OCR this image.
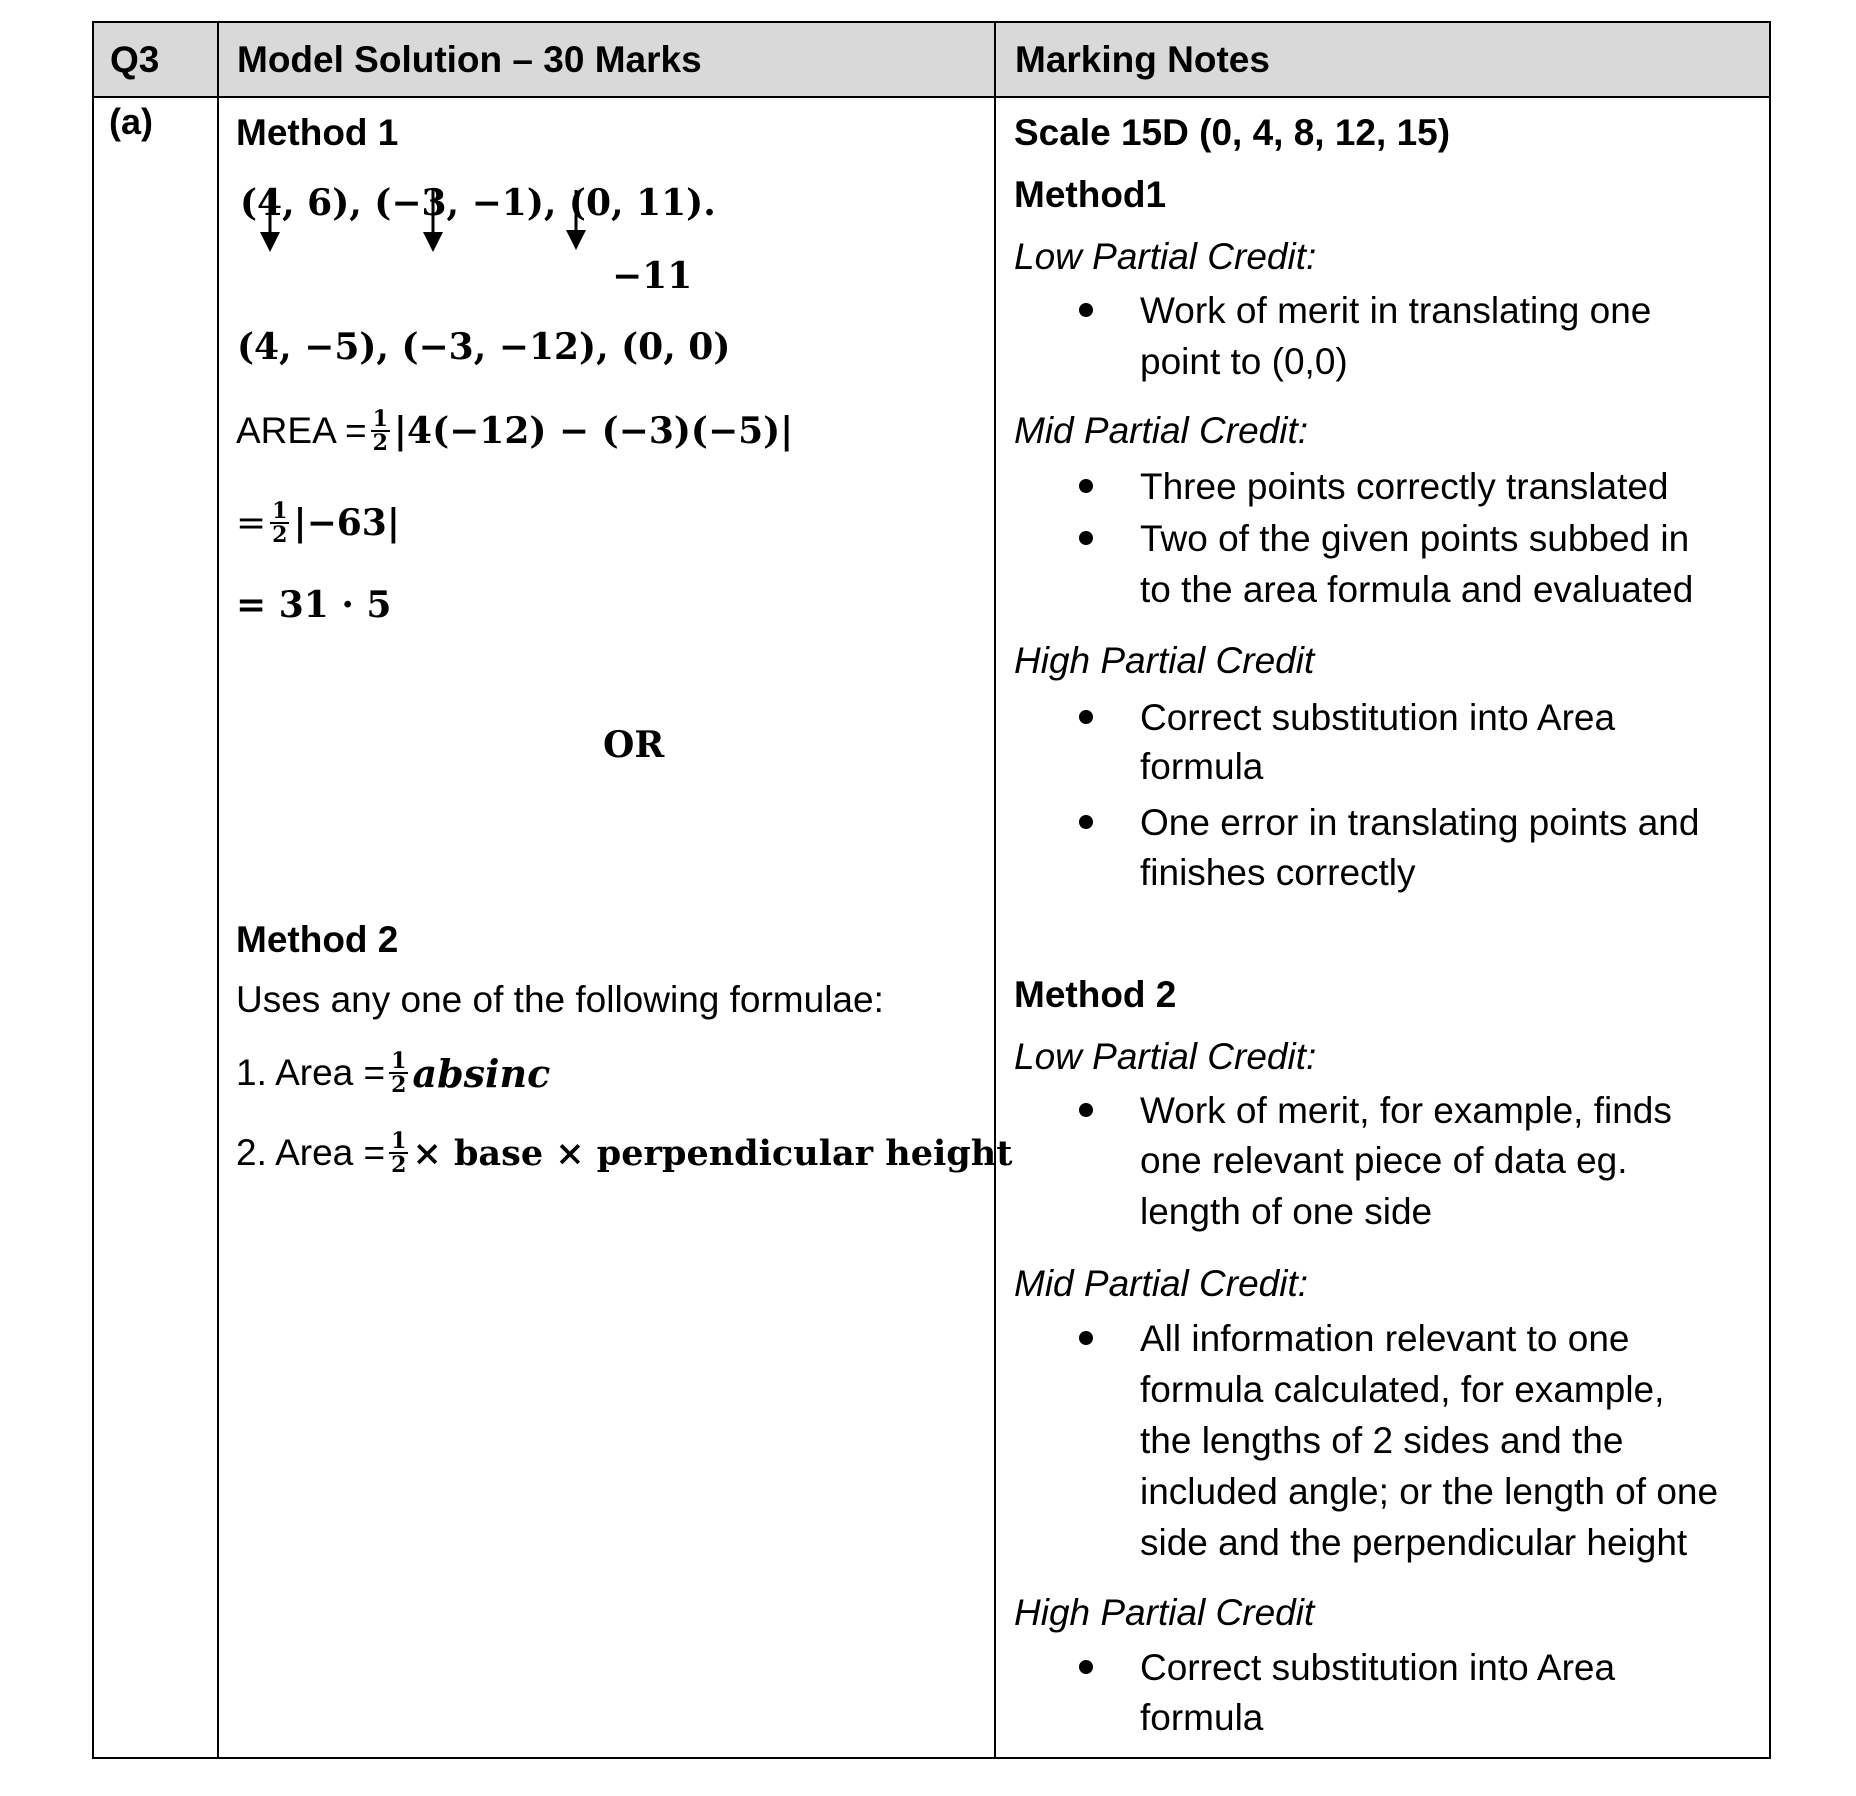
Q3 Model Solution – 30 Marks	Marking Notes
(a) Method 1
(4, 6), (−3, −1), (0, 11).
−11
(4, −5), (−3, −12), (0, 0)
AREA = $\frac{1}{2} |4(-12) - (-3)(-5)|$
= $\frac{1}{2} |-63|$
= 31 · 5
OR
Method 2
Uses any one of the following formulae:
1. Area = $\frac{1}{2}$ absinc
2. Area = $\frac{1}{2}$ × base × perpendicular height
Scale 15D (0, 4, 8, 12, 15)
Method1
Low Partial Credit:
Work of merit in translating one
point to (0,0)
Mid Partial Credit:
Three points correctly translated
Two of the given points subbed in
to the area formula and evaluated
High Partial Credit
Correct substitution into Area
formula
One error in translating points and
finishes correctly
Method 2
Low Partial Credit:
Work of merit, for example, finds
one relevant piece of data eg.
length of one side
Mid Partial Credit:
All information relevant to one
formula calculated, for example,
the lengths of 2 sides and the
included angle; or the length of one
side and the perpendicular height
High Partial Credit
Correct substitution into Area
formula
